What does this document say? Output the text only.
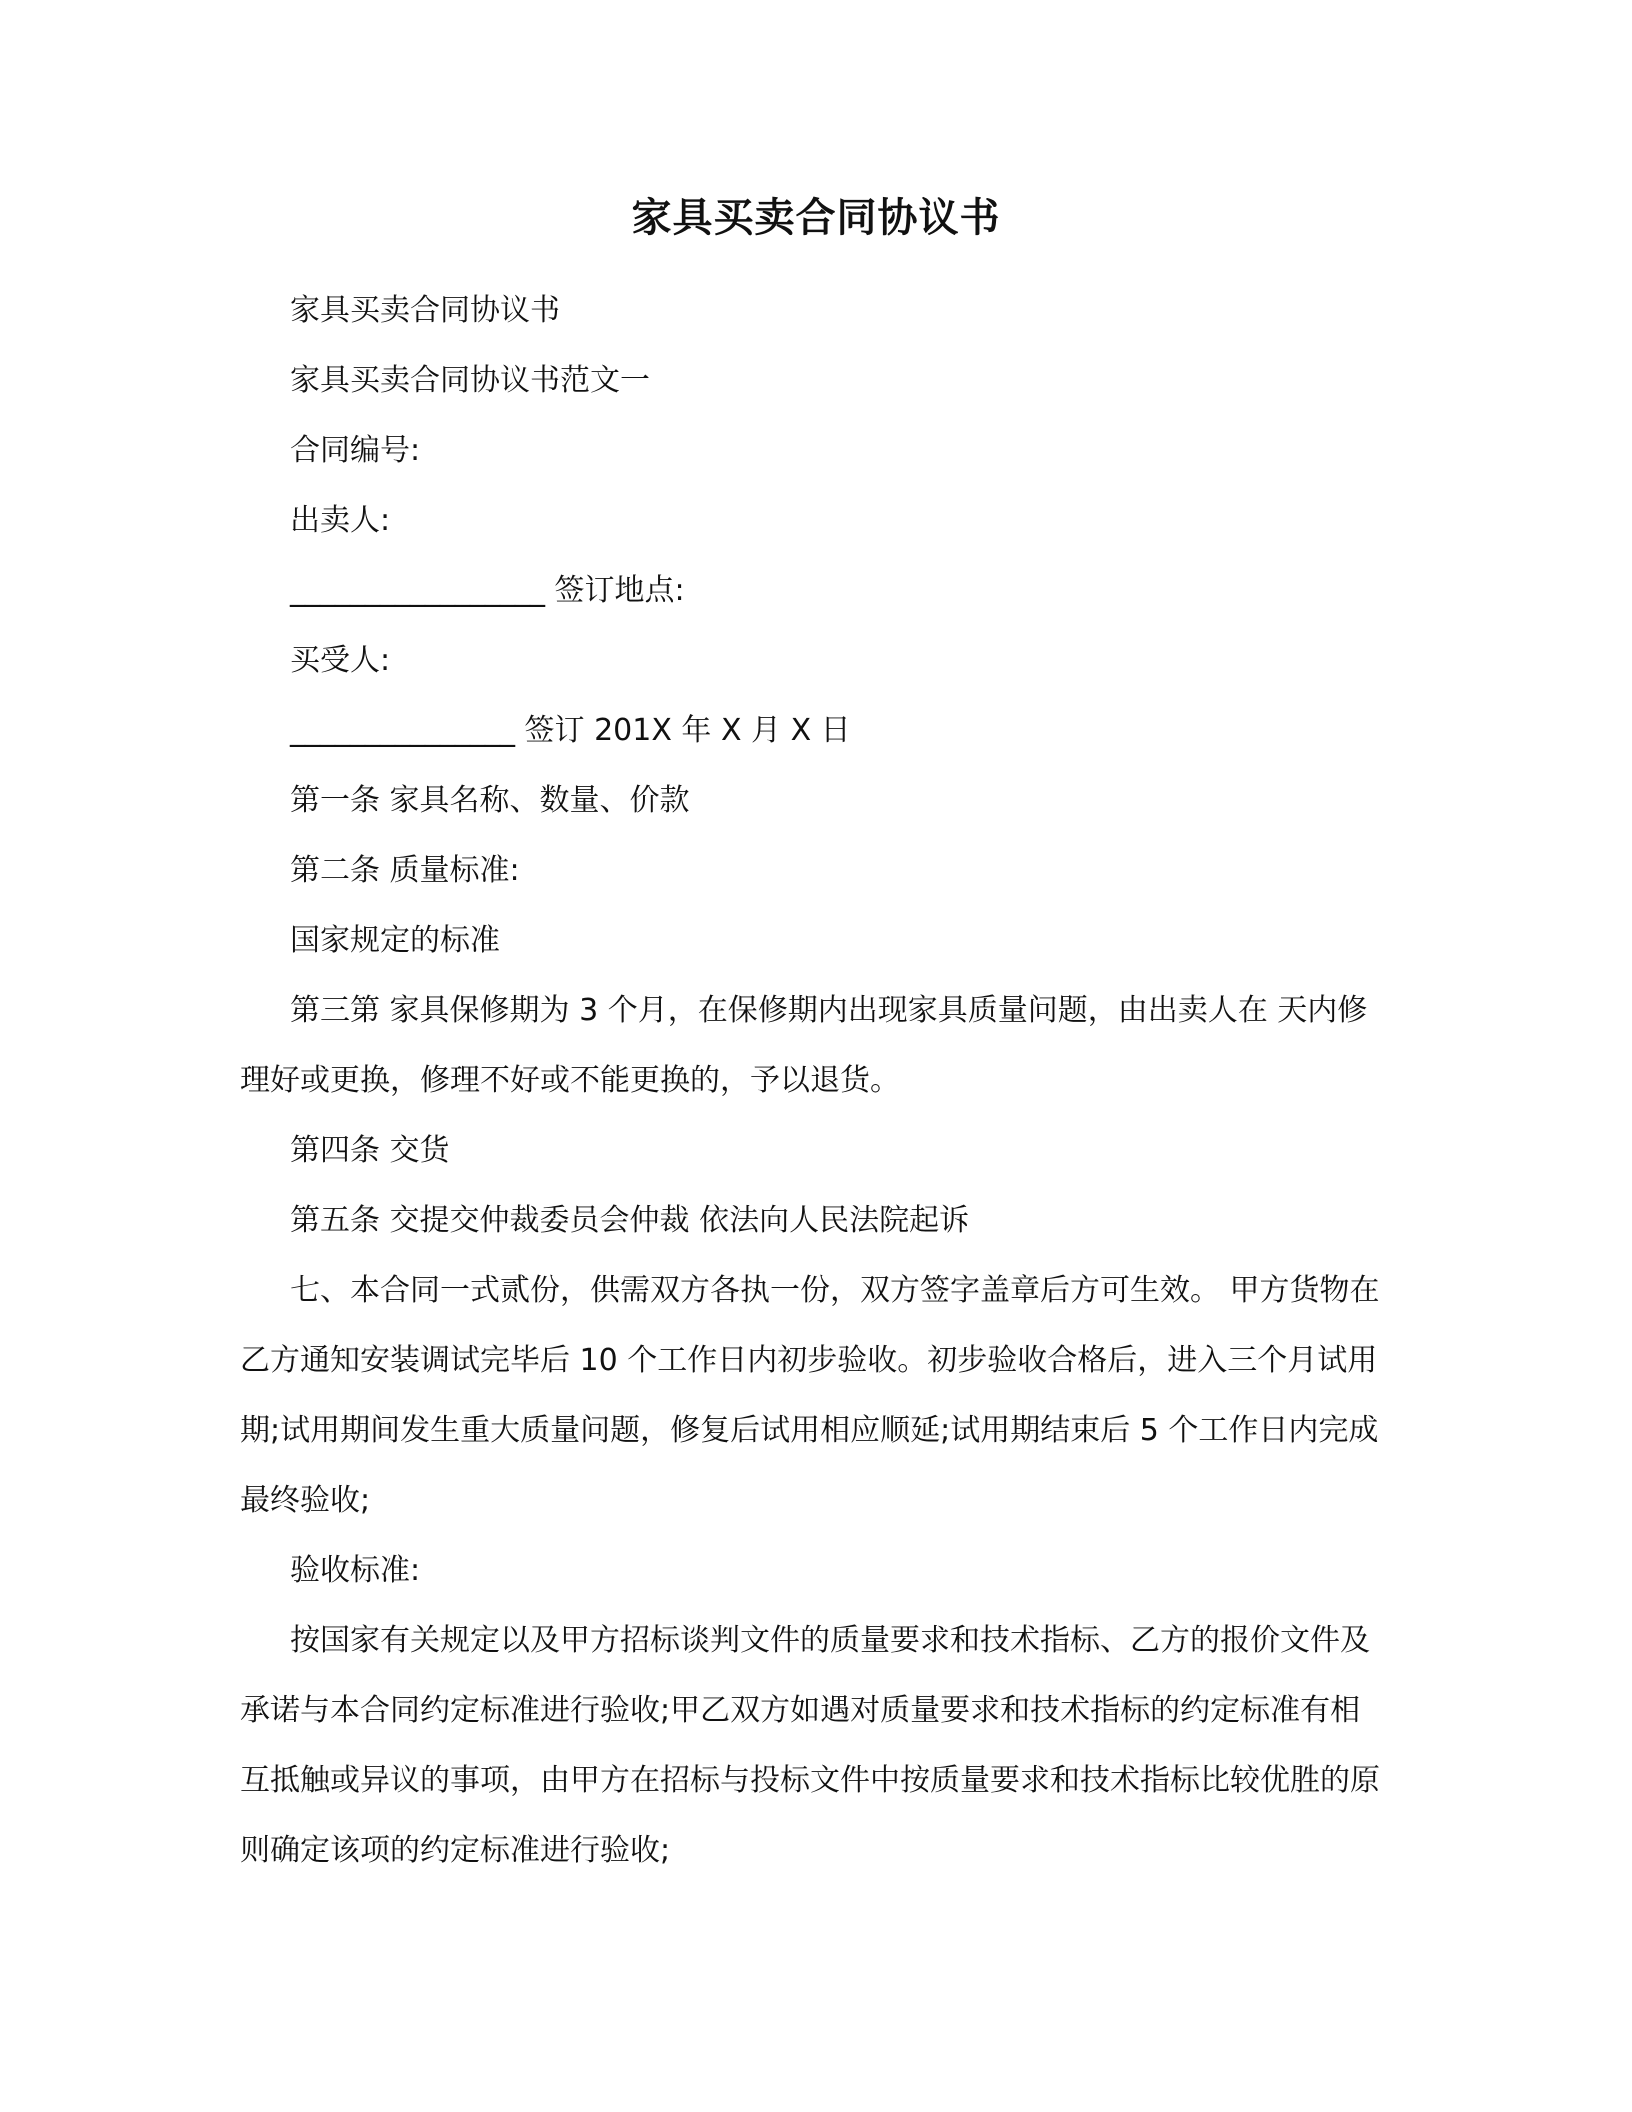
家具买卖合同协议书

家具买卖合同协议书

家具买卖合同协议书范文一

合同编号:

出卖人:

_________________ 签订地点:

买受人:

_______________ 签订 201X 年 X 月 X 日

第一条 家具名称、数量、价款

第二条 质量标准:

国家规定的标准

第三第 家具保修期为 3 个月，在保修期内出现家具质量问题，由出卖人在 天内修理好或更换，修理不好或不能更换的，予以退货。

第四条 交货

第五条 交提交仲裁委员会仲裁 依法向人民法院起诉

七、本合同一式贰份，供需双方各执一份，双方签字盖章后方可生效。 甲方货物在乙方通知安装调试完毕后 10 个工作日内初步验收。初步验收合格后，进入三个月试用期;试用期间发生重大质量问题，修复后试用相应顺延;试用期结束后 5 个工作日内完成最终验收;

验收标准:

按国家有关规定以及甲方招标谈判文件的质量要求和技术指标、乙方的报价文件及承诺与本合同约定标准进行验收;甲乙双方如遇对质量要求和技术指标的约定标准有相互抵触或异议的事项，由甲方在招标与投标文件中按质量要求和技术指标比较优胜的原则确定该项的约定标准进行验收;
